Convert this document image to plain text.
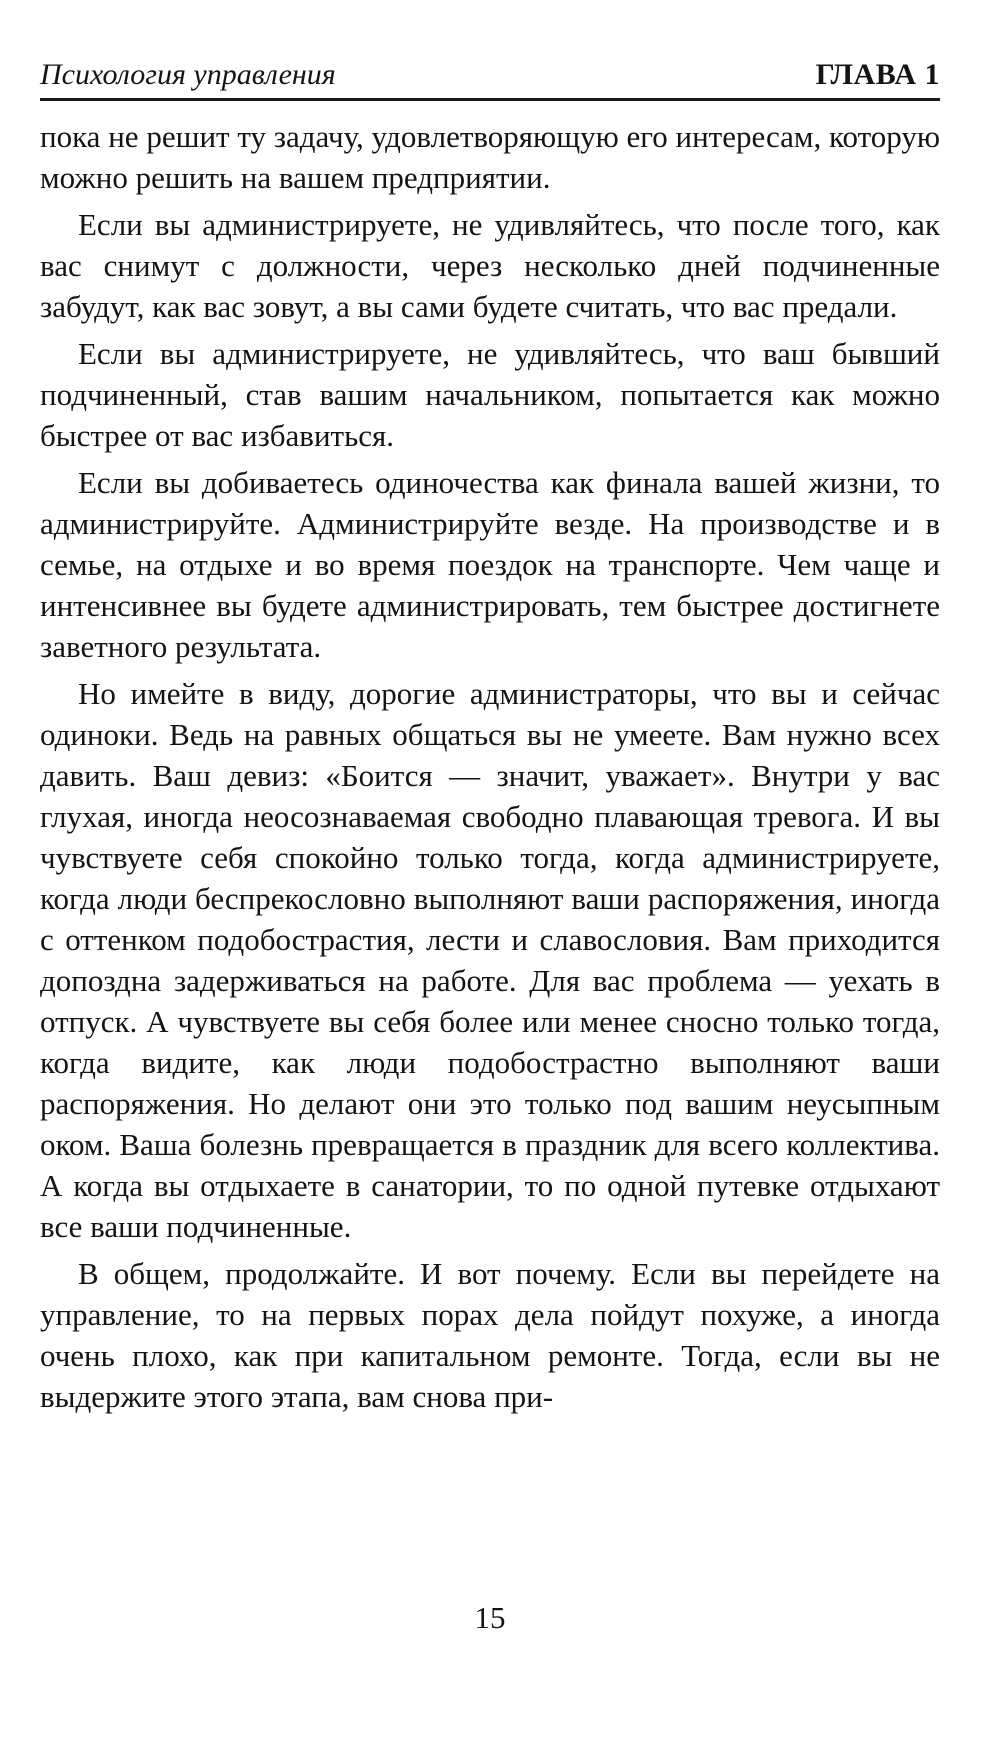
Психология управления	ГЛАВА 1

пока не решит ту задачу, удовлетворяющую его интересам, которую можно решить на вашем предприятии.

Если вы администрируете, не удивляйтесь, что после того, как вас снимут с должности, через несколько дней подчиненные забудут, как вас зовут, а вы сами будете считать, что вас предали.

Если вы администрируете, не удивляйтесь, что ваш бывший подчиненный, став вашим начальником, попытается как можно быстрее от вас избавиться.

Если вы добиваетесь одиночества как финала вашей жизни, то администрируйте. Администрируйте везде. На производстве и в семье, на отдыхе и во время поездок на транспорте. Чем чаще и интенсивнее вы будете администрировать, тем быстрее достигнете заветного результата.

Но имейте в виду, дорогие администраторы, что вы и сейчас одиноки. Ведь на равных общаться вы не умеете. Вам нужно всех давить. Ваш девиз: «Боится — значит, уважает». Внутри у вас глухая, иногда неосознаваемая свободно плавающая тревога. И вы чувствуете себя спокойно только тогда, когда администрируете, когда люди беспрекословно выполняют ваши распоряжения, иногда с оттенком подобострастия, лести и славословия. Вам приходится допоздна задерживаться на работе. Для вас проблема — уехать в отпуск. А чувствуете вы себя более или менее сносно только тогда, когда видите, как люди подобострастно выполняют ваши распоряжения. Но делают они это только под вашим неусыпным оком. Ваша болезнь превращается в праздник для всего коллектива. А когда вы отдыхаете в санатории, то по одной путевке отдыхают все ваши подчиненные.

В общем, продолжайте. И вот почему. Если вы перейдете на управление, то на первых порах дела пойдут похуже, а иногда очень плохо, как при капитальном ремонте. Тогда, если вы не выдержите этого этапа, вам снова при-

15
